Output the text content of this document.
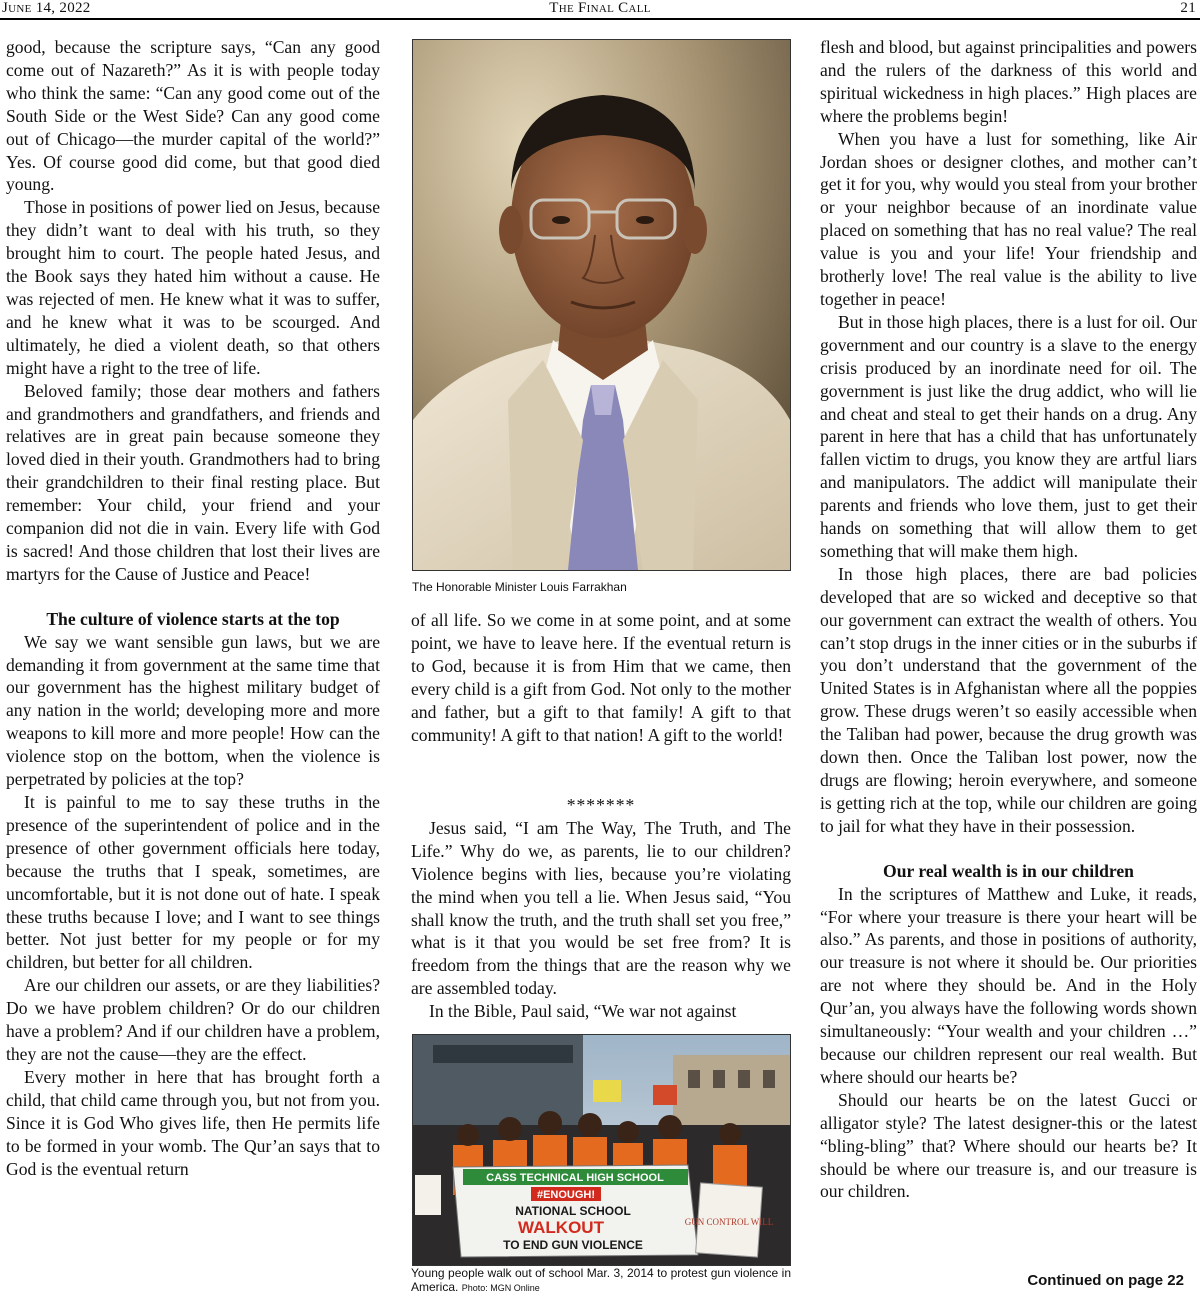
June 14, 2022	The Final Call	21

good, because the scripture says, “Can any good come out of Nazareth?” As it is with people today who think the same: “Can any good come out of the South Side or the West Side? Can any good come out of Chicago—the murder capital of the world?” Yes. Of course good did come, but that good died young.

Those in positions of power lied on Jesus, because they didn’t want to deal with his truth, so they brought him to court. The people hated Jesus, and the Book says they hated him without a cause. He was rejected of men. He knew what it was to suffer, and he knew what it was to be scourged. And ultimately, he died a violent death, so that others might have a right to the tree of life.

Beloved family; those dear mothers and fathers and grandmothers and grandfathers, and friends and relatives are in great pain because someone they loved died in their youth. Grandmothers had to bring their grandchildren to their final resting place. But remember: Your child, your friend and your companion did not die in vain. Every life with God is sacred! And those children that lost their lives are martyrs for the Cause of Justice and Peace!

The culture of violence starts at the top

We say we want sensible gun laws, but we are demanding it from government at the same time that our government has the highest military budget of any nation in the world; developing more and more weapons to kill more and more people! How can the violence stop on the bottom, when the violence is perpetrated by policies at the top?

It is painful to me to say these truths in the presence of the superintendent of police and in the presence of other government officials here today, because the truths that I speak, sometimes, are uncomfortable, but it is not done out of hate. I speak these truths because I love; and I want to see things better. Not just better for my people or for my children, but better for all children.

Are our children our assets, or are they liabilities? Do we have problem children? Or do our children have a problem? And if our children have a problem, they are not the cause—they are the effect.

Every mother in here that has brought forth a child, that child came through you, but not from you. Since it is God Who gives life, then He permits life to be formed in your womb. The Qur’an says that to God is the eventual return

The Honorable Minister Louis Farrakhan

of all life. So we come in at some point, and at some point, we have to leave here. If the eventual return is to God, because it is from Him that we came, then every child is a gift from God. Not only to the mother and father, but a gift to that family! A gift to that community! A gift to that nation! A gift to the world!

*******

Jesus said, “I am The Way, The Truth, and The Life.” Why do we, as parents, lie to our children? Violence begins with lies, because you’re violating the mind when you tell a lie. When Jesus said, “You shall know the truth, and the truth shall set you free,” what is it that you would be set free from? It is freedom from the things that are the reason why we are assembled today.

In the Bible, Paul said, “We war not against

CASS TECHNICAL HIGH SCHOOL
#ENOUGH!
NATIONAL SCHOOL
WALKOUT
TO END GUN VIOLENCE
GUN CONTROL WILL
Young people walk out of school Mar. 3, 2014 to protest gun violence in America. Photo: MGN Online

flesh and blood, but against principalities and powers and the rulers of the darkness of this world and spiritual wickedness in high places.” High places are where the problems begin!

When you have a lust for something, like Air Jordan shoes or designer clothes, and mother can’t get it for you, why would you steal from your brother or your neighbor because of an inordinate value placed on something that has no real value? The real value is you and your life! Your friendship and brotherly love! The real value is the ability to live together in peace!

But in those high places, there is a lust for oil. Our government and our country is a slave to the energy crisis produced by an inordinate need for oil. The government is just like the drug addict, who will lie and cheat and steal to get their hands on a drug. Any parent in here that has a child that has unfortunately fallen victim to drugs, you know they are artful liars and manipulators. The addict will manipulate their parents and friends who love them, just to get their hands on something that will allow them to get something that will make them high.

In those high places, there are bad policies developed that are so wicked and deceptive so that our government can extract the wealth of others. You can’t stop drugs in the inner cities or in the suburbs if you don’t understand that the government of the United States is in Afghanistan where all the poppies grow. These drugs weren’t so easily accessible when the Taliban had power, because the drug growth was down then. Once the Taliban lost power, now the drugs are flowing; heroin everywhere, and someone is getting rich at the top, while our children are going to jail for what they have in their possession.

Our real wealth is in our children

In the scriptures of Matthew and Luke, it reads, “For where your treasure is there your heart will be also.” As parents, and those in positions of authority, our treasure is not where it should be. Our priorities are not where they should be. And in the Holy Qur’an, you always have the following words shown simultaneously: “Your wealth and your children …” because our children represent our real wealth. But where should our hearts be?

Should our hearts be on the latest Gucci or alligator style? The latest designer-this or the latest “bling-bling” that? Where should our hearts be? It should be where our treasure is, and our treasure is our children.

Continued on page 22
